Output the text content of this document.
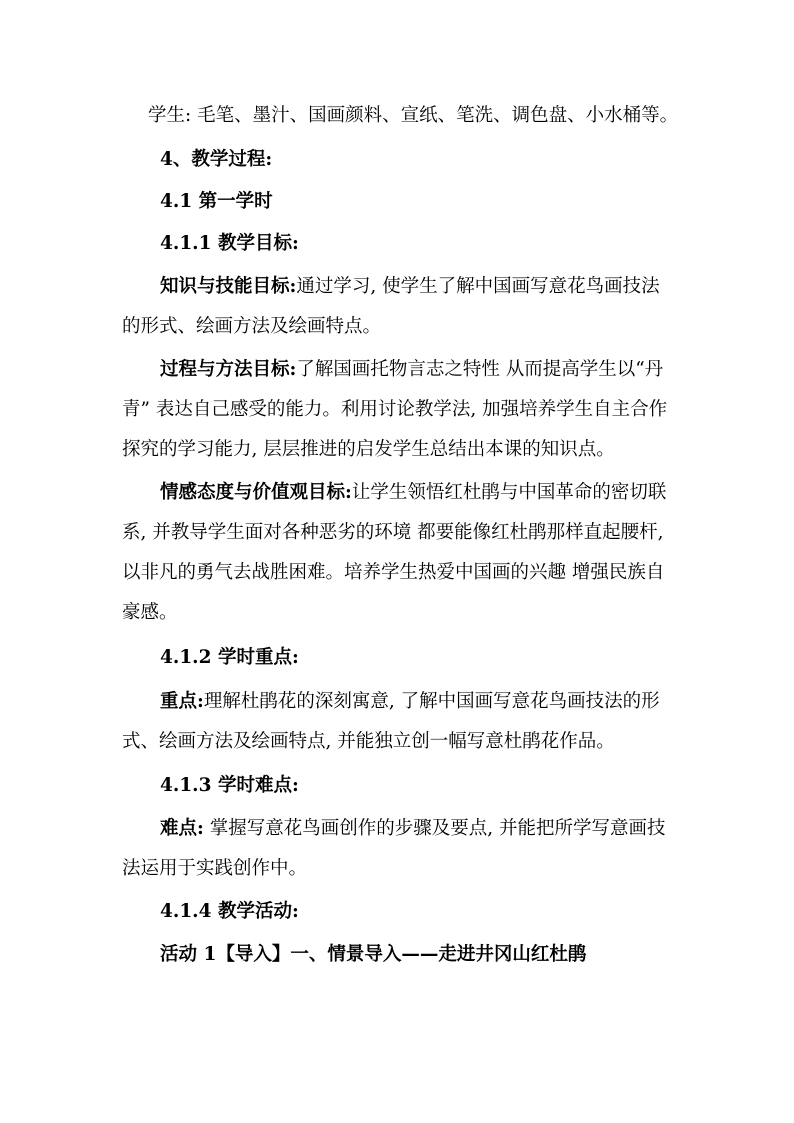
学生: 毛笔、墨汁、国画颜料、宣纸、笔洗、调色盘、小水桶等。
4、教学过程:
4.1 第一学时
4.1.1 教学目标:
知识与技能目标:通过学习, 使学生了解中国画写意花鸟画技法
的形式、绘画方法及绘画特点。
过程与方法目标:了解国画托物言志之特性 从而提高学生以“丹
青” 表达自己感受的能力。利用讨论教学法, 加强培养学生自主合作
探究的学习能力, 层层推进的启发学生总结出本课的知识点。
情感态度与价值观目标:让学生领悟红杜鹃与中国革命的密切联
系, 并教导学生面对各种恶劣的环境 都要能像红杜鹃那样直起腰杆,
以非凡的勇气去战胜困难。培养学生热爱中国画的兴趣 增强民族自
豪感。
4.1.2 学时重点:
重点:理解杜鹃花的深刻寓意, 了解中国画写意花鸟画技法的形
式、绘画方法及绘画特点, 并能独立创一幅写意杜鹃花作品。
4.1.3 学时难点:
难点: 掌握写意花鸟画创作的步骤及要点, 并能把所学写意画技
法运用于实践创作中。
4.1.4 教学活动:
活动 1【导入】一、情景导入——走进井冈山红杜鹃
